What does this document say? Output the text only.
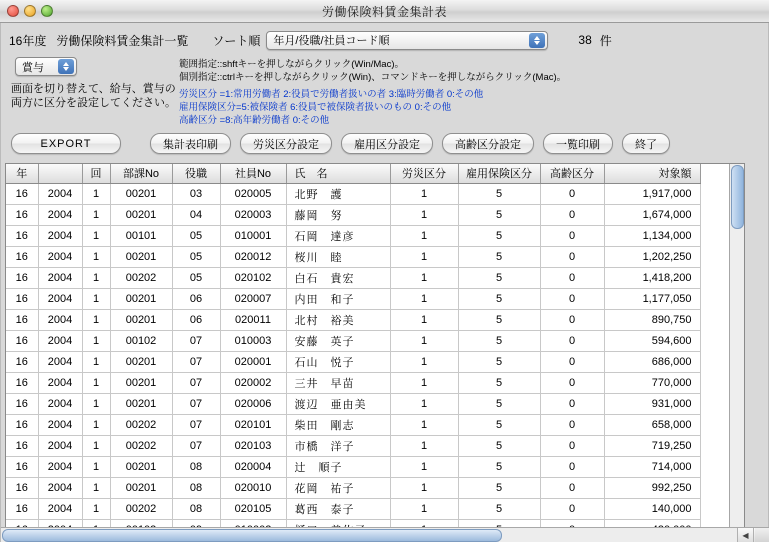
労働保険料賃金集計表
16年度 労働保険料賃金集計一覧 ソート順 年月/役職/社員コード順	38 件
賞与
画面を切り替えて、給与、賞与の
両方に区分を設定してください。
範囲指定::shftキーを押しながらクリック(Win/Mac)。
個別指定::ctrlキーを押しながらクリック(Win)、コマンドキーを押しながらクリック(Mac)。
労災区分 =1:常用労働者 2:役員で労働者扱いの者 3:臨時労働者 0:その他
雇用保険区分=5:被保険者 6:役員で被保険者扱いのもの 0:その他
高齢区分 =8:高年齢労働者 0:その他
EXPORT	集計表印刷	労災区分設定	雇用区分設定	高齢区分設定	一覧印刷	終了
年		回	部課No	役職	社員No	氏　名	労災区分	雇用保険区分	高齢区分	対象額
16	2004	1	00201	03	020005	北野　護	1	5	0	1,917,000
16	2004	1	00201	04	020003	藤岡　努	1	5	0	1,674,000
16	2004	1	00101	05	010001	石岡　達彦	1	5	0	1,134,000
16	2004	1	00201	05	020012	桜川　睦	1	5	0	1,202,250
16	2004	1	00202	05	020102	白石　貴宏	1	5	0	1,418,200
16	2004	1	00201	06	020007	内田　和子	1	5	0	1,177,050
16	2004	1	00201	06	020011	北村　裕美	1	5	0	890,750
16	2004	1	00102	07	010003	安藤　英子	1	5	0	594,600
16	2004	1	00201	07	020001	石山　悦子	1	5	0	686,000
16	2004	1	00201	07	020002	三井　早苗	1	5	0	770,000
16	2004	1	00201	07	020006	渡辺　亜由美	1	5	0	931,000
16	2004	1	00202	07	020101	柴田　剛志	1	5	0	658,000
16	2004	1	00202	07	020103	市橋　洋子	1	5	0	719,250
16	2004	1	00201	08	020004	辻　順子	1	5	0	714,000
16	2004	1	00201	08	020010	花岡　祐子	1	5	0	992,250
16	2004	1	00202	08	020105	葛西　泰子	1	5	0	140,000

◀
